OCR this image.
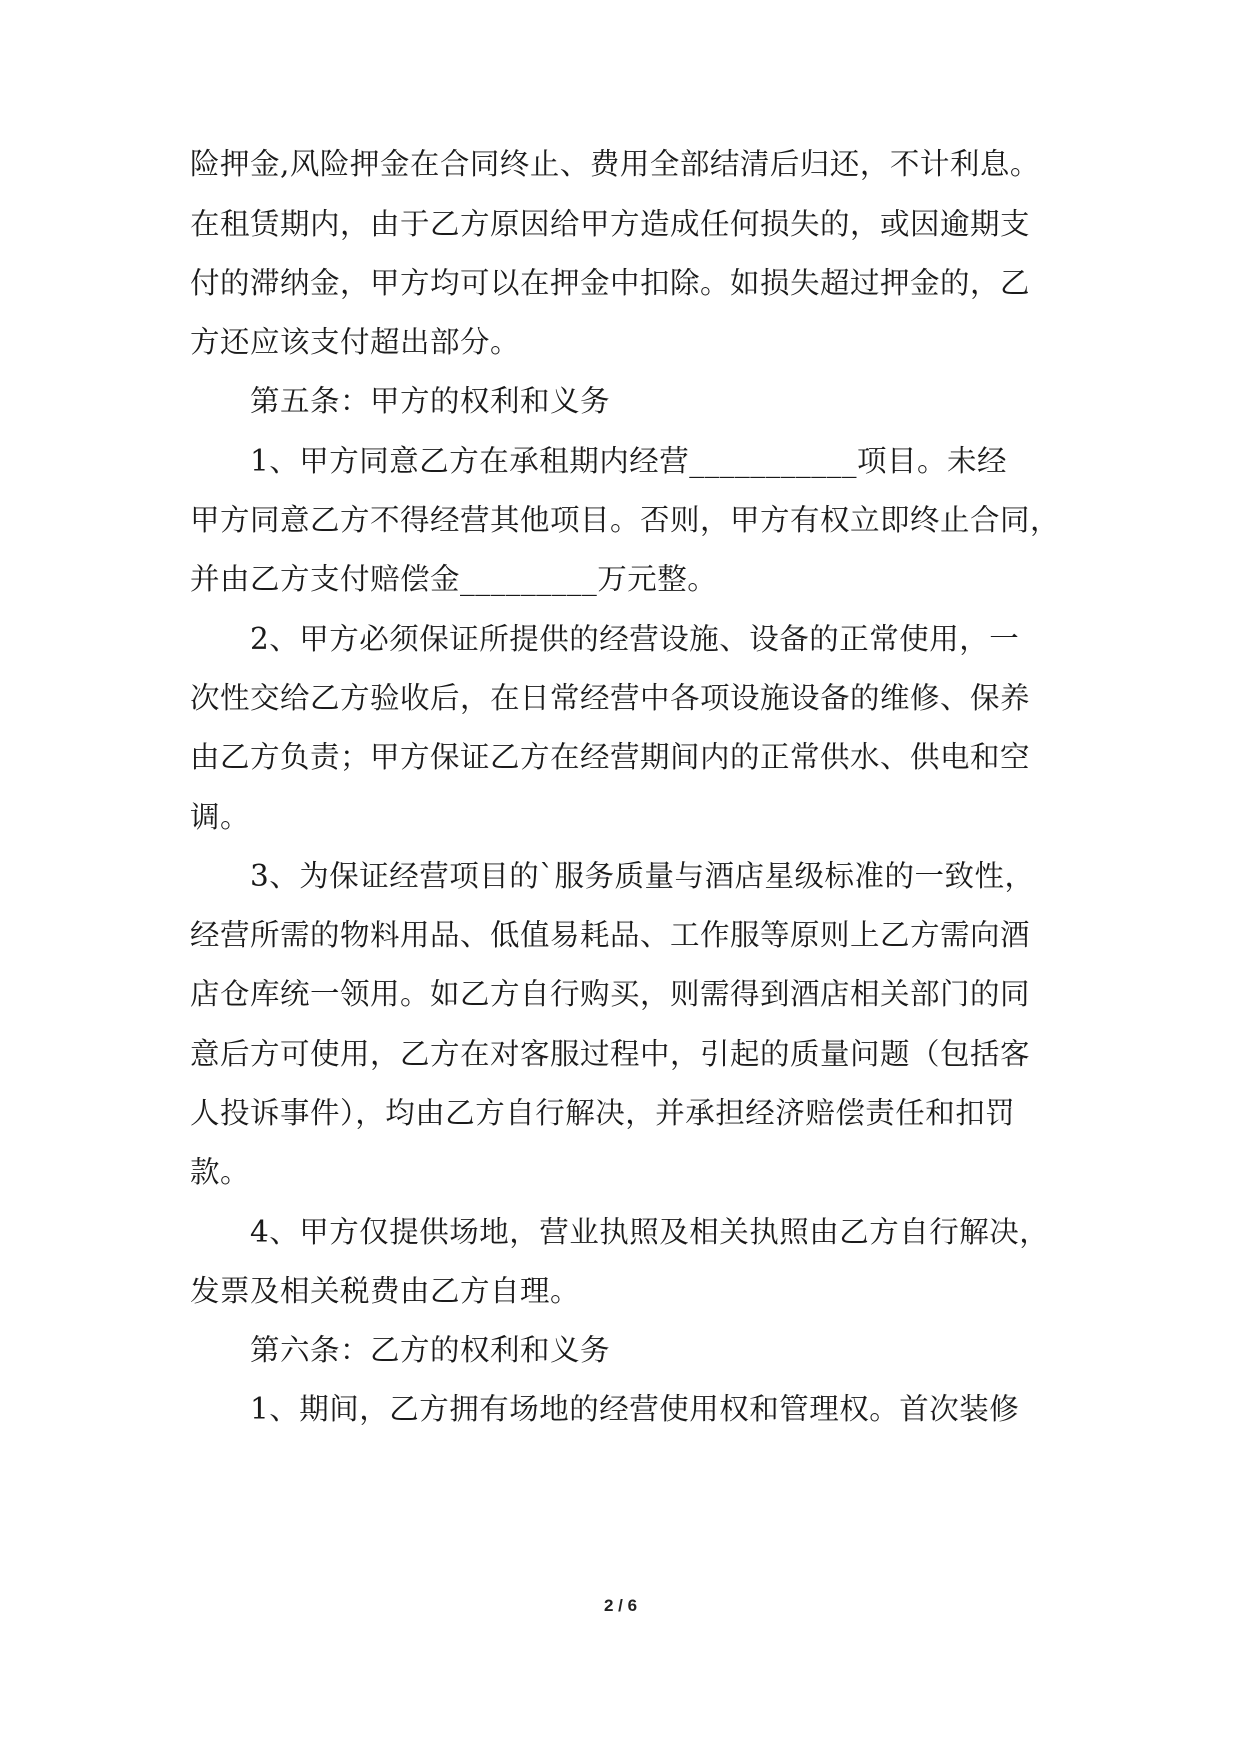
险押金,风险押金在合同终止、费用全部结清后归还，不计利息。
在租赁期内，由于乙方原因给甲方造成任何损失的，或因逾期支
付的滞纳金，甲方均可以在押金中扣除。如损失超过押金的，乙
方还应该支付超出部分。
第五条：甲方的权利和义务
1、甲方同意乙方在承租期内经营___________项目。未经
甲方同意乙方不得经营其他项目。否则，甲方有权立即终止合同，
并由乙方支付赔偿金_________万元整。
2、甲方必须保证所提供的经营设施、设备的正常使用，一
次性交给乙方验收后，在日常经营中各项设施设备的维修、保养
由乙方负责；甲方保证乙方在经营期间内的正常供水、供电和空
调。
3、为保证经营项目的`服务质量与酒店星级标准的一致性，
经营所需的物料用品、低值易耗品、工作服等原则上乙方需向酒
店仓库统一领用。如乙方自行购买，则需得到酒店相关部门的同
意后方可使用，乙方在对客服过程中，引起的质量问题（包括客
人投诉事件），均由乙方自行解决，并承担经济赔偿责任和扣罚
款。
4、甲方仅提供场地，营业执照及相关执照由乙方自行解决，
发票及相关税费由乙方自理。
第六条：乙方的权利和义务
1、期间，乙方拥有场地的经营使用权和管理权。首次装修
2 / 6
